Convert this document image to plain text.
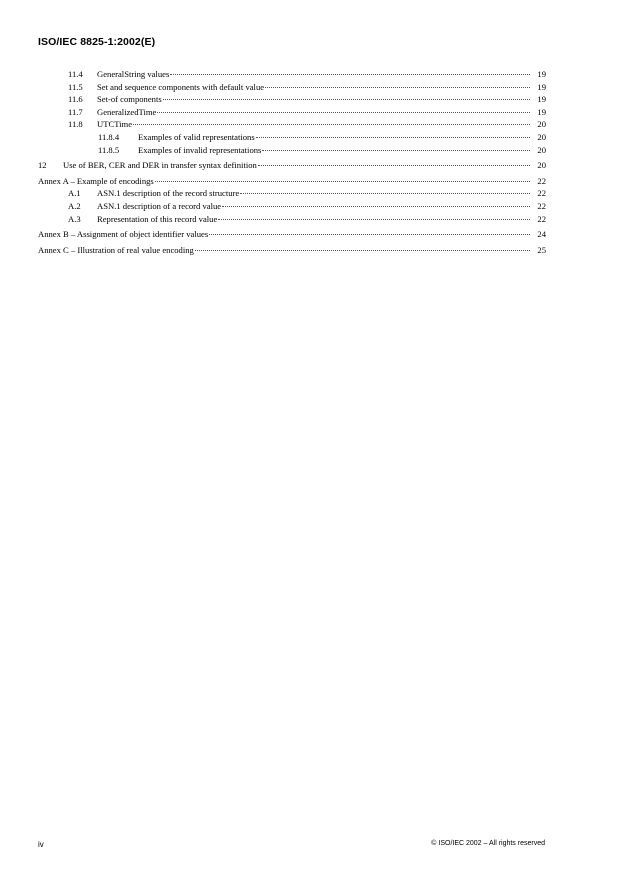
ISO/IEC 8825-1:2002(E)
11.4	GeneralString values	19
11.5	Set and sequence components with default value	19
11.6	Set-of components	19
11.7	GeneralizedTime	19
11.8	UTCTime	20
11.8.4	Examples of valid representations	20
11.8.5	Examples of invalid representations	20
12	Use of BER, CER and DER in transfer syntax definition	20
Annex A – Example of encodings	22
A.1	ASN.1 description of the record structure	22
A.2	ASN.1 description of a record value	22
A.3	Representation of this record value	22
Annex B – Assignment of object identifier values	24
Annex C – Illustration of real value encoding	25
iv	© ISO/IEC 2002 – All rights reserved
